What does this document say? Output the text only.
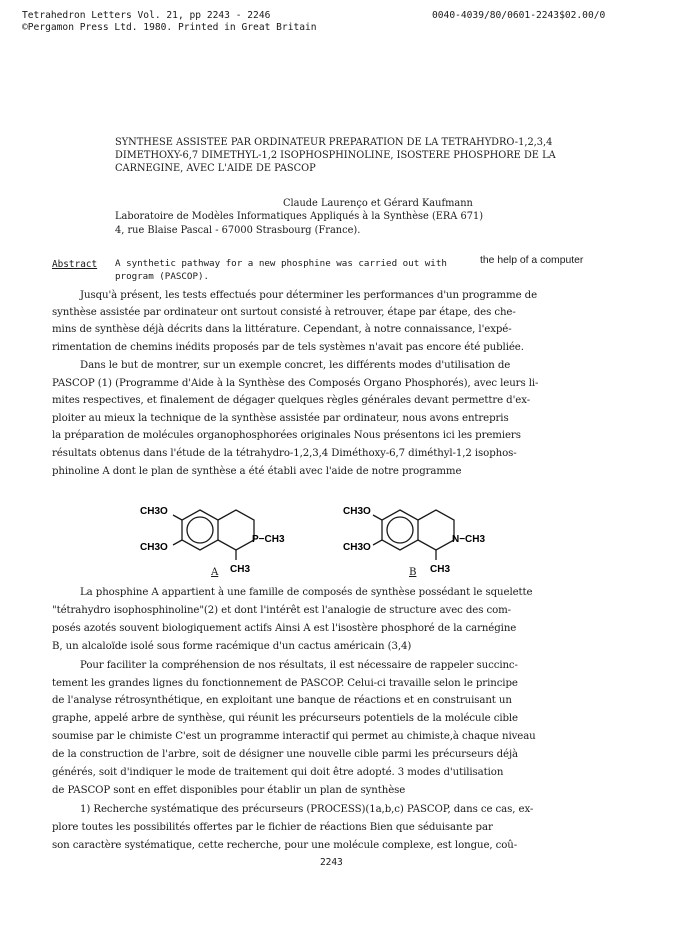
Tetrahedron Letters Vol. 21, pp 2243 - 2246
©Pergamon Press Ltd. 1980. Printed in Great Britain
0040-4039/80/0601-2243$02.00/0
SYNTHESE ASSISTEE PAR ORDINATEUR PREPARATION DE LA TETRAHYDRO-1,2,3,4
DIMETHOXY-6,7 DIMETHYL-1,2 ISOPHOSPHINOLINE, ISOSTERE PHOSPHORE DE LA
CARNEGINE, AVEC L'AIDE DE PASCOP
Claude Laurenço et Gérard Kaufmann
Laboratoire de Modèles Informatiques Appliqués à la Synthèse (ERA 671)
4, rue Blaise Pascal - 67000 Strasbourg (France).
Abstract A synthetic pathway for a new phosphine was carried out with	the help of a computer
program (PASCOP).
Jusqu'à présent, les tests effectués pour déterminer les performances d'un programme de
synthèse assistée par ordinateur ont surtout consisté à retrouver, étape par étape, des che-
mins de synthèse déjà décrits dans la littérature. Cependant, à notre connaissance, l'expé-
rimentation de chemins inédits proposés par de tels systèmes n'avait pas encore été publiée.
Dans le but de montrer, sur un exemple concret, les différents modes d'utilisation de
PASCOP (1) (Programme d'Aide à la Synthèse des Composés Organo Phosphorés), avec leurs li-
mites respectives, et finalement de dégager quelques règles générales devant permettre d'ex-
ploiter au mieux la technique de la synthèse assistée par ordinateur, nous avons entrepris
la préparation de molécules organophosphorées originales Nous présentons ici les premiers
résultats obtenus dans l'étude de la tétrahydro-1,2,3,4 Diméthoxy-6,7 diméthyl-1,2 isophos-
phinoline A dont le plan de synthèse a été établi avec l'aide de notre programme
CH3O
CH3O
P−CH3
CH3
CH3O
CH3O
N−CH3
CH3
A	B
La phosphine A appartient à une famille de composés de synthèse possédant le squelette
"tétrahydro isophosphinoline"(2) et dont l'intérêt est l'analogie de structure avec des com-
posés azotés souvent biologiquement actifs Ainsi A est l'isostère phosphoré de la carnégine
B, un alcaloïde isolé sous forme racémique d'un cactus américain (3,4)
Pour faciliter la compréhension de nos résultats, il est nécessaire de rappeler succinc-
tement les grandes lignes du fonctionnement de PASCOP. Celui-ci travaille selon le principe
de l'analyse rétrosynthétique, en exploitant une banque de réactions et en construisant un
graphe, appelé arbre de synthèse, qui réunit les précurseurs potentiels de la molécule cible
soumise par le chimiste C'est un programme interactif qui permet au chimiste,à chaque niveau
de la construction de l'arbre, soit de désigner une nouvelle cible parmi les précurseurs déjà
générés, soit d'indiquer le mode de traitement qui doit être adopté. 3 modes d'utilisation
de PASCOP sont en effet disponibles pour établir un plan de synthèse
1) Recherche systématique des précurseurs (PROCESS)(1a,b,c) PASCOP, dans ce cas, ex-
plore toutes les possibilités offertes par le fichier de réactions Bien que séduisante par
son caractère systématique, cette recherche, pour une molécule complexe, est longue, coû-
2243
